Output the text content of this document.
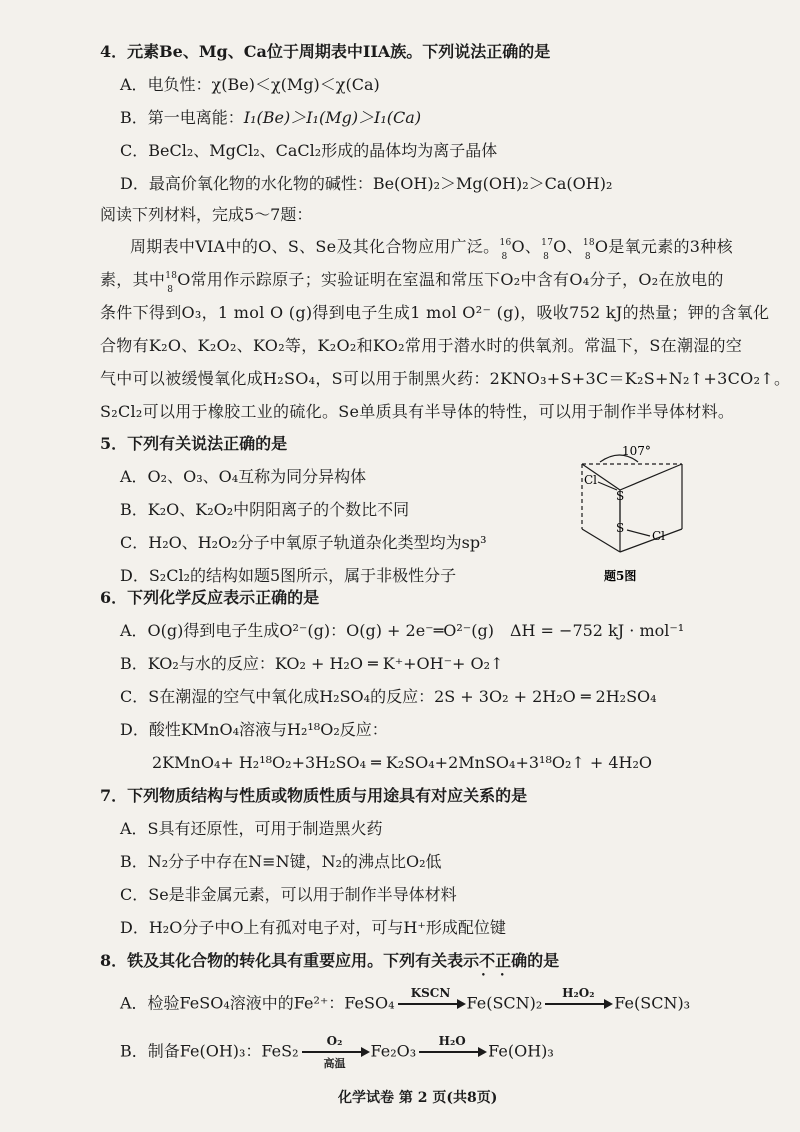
4．元素Be、Mg、Ca位于周期表中IIA族。下列说法正确的是
A．电负性：χ(Be)＜χ(Mg)＜χ(Ca)
B．第一电离能：I₁(Be)＞I₁(Mg)＞I₁(Ca)
C．BeCl₂、MgCl₂、CaCl₂形成的晶体均为离子晶体
D．最高价氧化物的水化物的碱性：Be(OH)₂＞Mg(OH)₂＞Ca(OH)₂
阅读下列材料，完成5～7题：
周期表中VIA中的O、S、Se及其化合物应用广泛。 16
8
O、 17
8
O、 18
8
O是氧元素的3种核
素，其中 18
8
O常用作示踪原子；实验证明在室温和常压下O₂中含有O₄分子，O₂在放电的
条件下得到O₃，1 mol O (g)得到电子生成1 mol O²⁻ (g)，吸收752 kJ的热量；钾的含氧化
合物有K₂O、K₂O₂、KO₂等，K₂O₂和KO₂常用于潜水时的供氧剂。常温下，S在潮湿的空
气中可以被缓慢氧化成H₂SO₄，S可以用于制黑火药：2KNO₃+S+3C＝K₂S+N₂↑+3CO₂↑。
S₂Cl₂可以用于橡胶工业的硫化。Se单质具有半导体的特性，可以用于制作半导体材料。
5．下列有关说法正确的是
A．O₂、O₃、O₄互称为同分异构体
B．K₂O、K₂O₂中阴阳离子的个数比不同
C．H₂O、H₂O₂分子中氧原子轨道杂化类型均为sp³
D．S₂Cl₂的结构如题5图所示，属于非极性分子
107°
Cl
S
S
Cl
题5图
6．下列化学反应表示正确的是
A．O(g)得到电子生成O²⁻(g)：O(g) + 2e⁻═O²⁻(g)　ΔH = −752 kJ · mol⁻¹
B．KO₂与水的反应：KO₂ + H₂O ═ K⁺+OH⁻+ O₂↑
C．S在潮湿的空气中氧化成H₂SO₄的反应：2S + 3O₂ + 2H₂O ═ 2H₂SO₄
D．酸性KMnO₄溶液与H₂¹⁸O₂反应：
2KMnO₄+ H₂¹⁸O₂+3H₂SO₄ ═ K₂SO₄+2MnSO₄+3¹⁸O₂↑ + 4H₂O
7．下列物质结构与性质或物质性质与用途具有对应关系的是
A．S具有还原性，可用于制造黑火药
B．N₂分子中存在N≡N键，N₂的沸点比O₂低
C．Se是非金属元素，可以用于制作半导体材料
D．H₂O分子中O上有孤对电子对，可与H⁺形成配位键
8．铁及其化合物的转化具有重要应用。下列有关表示不正确 • •的是
A．检验FeSO₄溶液中的Fe²⁺：FeSO₄
KSCN
Fe(SCN)₂
H₂O₂
Fe(SCN)₃
B．制备Fe(OH)₃：FeS₂
O₂
高温
Fe₂O₃
H₂O
Fe(OH)₃
化学试卷 第 2 页(共8页)
